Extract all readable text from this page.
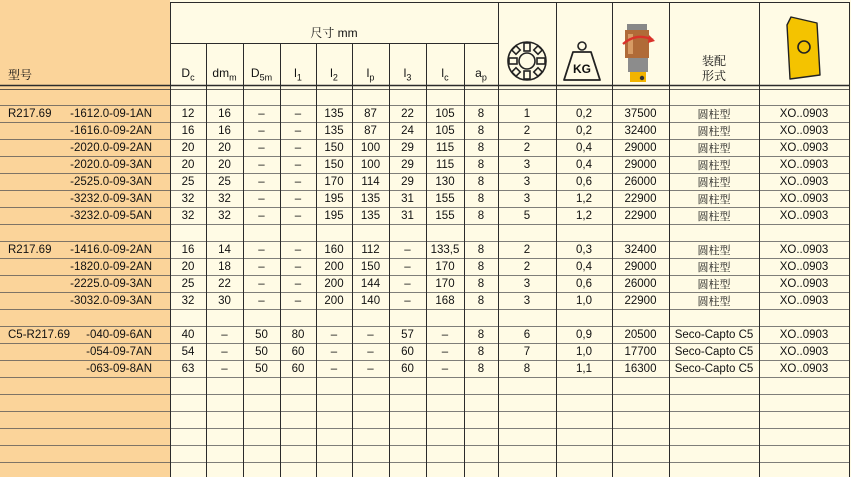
型号
尺寸 mm
$D_c$	$dm_m$	$D_{5m}$	$l_1$	$l_2$	$l_p$	$l_3$	$l_c$	$a_p$
装配
形式
KG
R217.69	-1612.0-09-1AN	12	16	–	–	135	87	22	105	8	1	0,2	37500	圆柱型	XO..0903
-1616.0-09-2AN	16	16	–	–	135	87	24	105	8	2	0,2	32400	圆柱型	XO..0903
-2020.0-09-2AN	20	20	–	–	150	100	29	115	8	2	0,4	29000	圆柱型	XO..0903
-2020.0-09-3AN	20	20	–	–	150	100	29	115	8	3	0,4	29000	圆柱型	XO..0903
-2525.0-09-3AN	25	25	–	–	170	114	29	130	8	3	0,6	26000	圆柱型	XO..0903
-3232.0-09-3AN	32	32	–	–	195	135	31	155	8	3	1,2	22900	圆柱型	XO..0903
-3232.0-09-5AN	32	32	–	–	195	135	31	155	8	5	1,2	22900	圆柱型	XO..0903
R217.69	-1416.0-09-2AN	16	14	–	–	160	112	–	133,5	8	2	0,3	32400	圆柱型	XO..0903
-1820.0-09-2AN	20	18	–	–	200	150	–	170	8	2	0,4	29000	圆柱型	XO..0903
-2225.0-09-3AN	25	22	–	–	200	144	–	170	8	3	0,6	26000	圆柱型	XO..0903
-3032.0-09-3AN	32	30	–	–	200	140	–	168	8	3	1,0	22900	圆柱型	XO..0903
C5-R217.69	-040-09-6AN	40	–	50	80	–	–	57	–	8	6	0,9	20500	Seco-Capto C5	XO..0903
-054-09-7AN	54	–	50	60	–	–	60	–	8	7	1,0	17700	Seco-Capto C5	XO..0903
-063-09-8AN	63	–	50	60	–	–	60	–	8	8	1,1	16300	Seco-Capto C5	XO..0903
